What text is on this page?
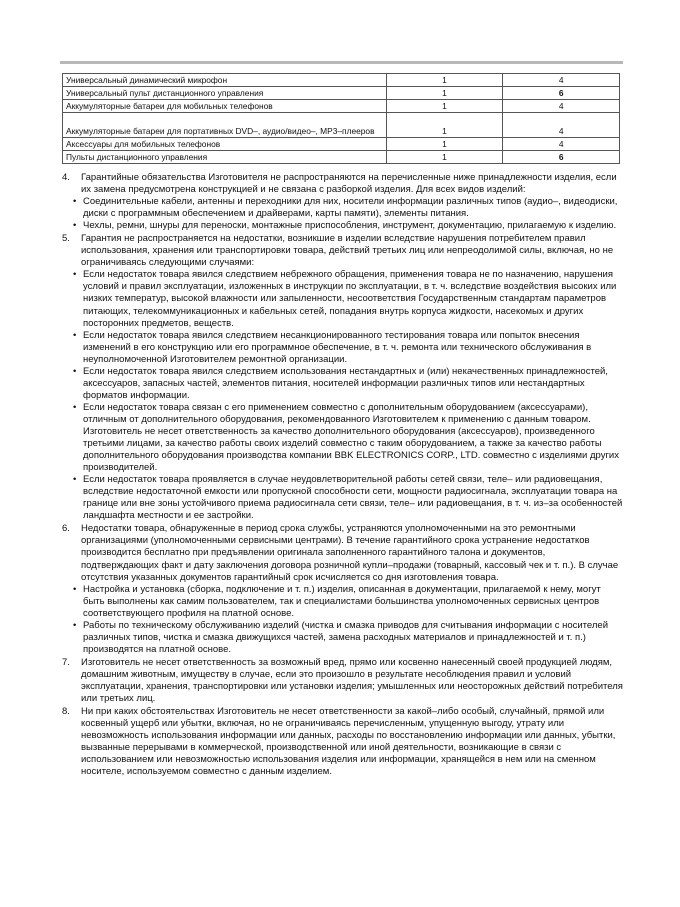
Универсальный динамический микрофон	1	4
Универсальный пульт дистанционного управления	1	6
Аккумуляторные батареи для мобильных телефонов	1	4
Аккумуляторные батареи для портативных DVD–, аудио/видео–, MP3–плееров	1	4
Аксессуары для мобильных телефонов	1	4
Пульты дистанционного управления	1	6
4.	Гарантийные обязательства Изготовителя не распространяются на перечисленные ниже принадлежности изделия, если их замена предусмотрена конструкцией и не связана с разборкой изделия. Для всех видов изделий:
• Соединительные кабели, антенны и переходники для них, носители информации различных типов (аудио–, видеодиски, диски с программным обеспечением и драйверами, карты памяти), элементы питания.
• Чехлы, ремни, шнуры для переноски, монтажные приспособления, инструмент, документацию, прилагаемую к изделию.
5.	Гарантия не распространяется на недостатки, возникшие в изделии вследствие нарушения потребителем правил использования, хранения или транспортировки товара, действий третьих лиц или непреодолимой силы, включая, но не ограничиваясь следующими случаями:
• Если недостаток товара явился следствием небрежного обращения, применения товара не по назначению, нарушения условий и правил эксплуатации, изложенных в инструкции по эксплуатации, в т. ч. вследствие воздействия высоких или низких температур, высокой влажности или запыленности, несоответствия Государственным стандартам параметров питающих, телекоммуникационных и кабельных сетей, попадания внутрь корпуса жидкости, насекомых и других посторонних предметов, веществ.
• Если недостаток товара явился следствием несанкционированного тестирования товара или попыток внесения изменений в его конструкцию или его программное обеспечение, в т. ч. ремонта или технического обслуживания в неуполномоченной Изготовителем ремонтной организации.
• Если недостаток товара явился следствием использования нестандартных и (или) некачественных принадлежностей, аксессуаров, запасных частей, элементов питания, носителей информации различных типов или нестандартных форматов информации.
• Если недостаток товара связан с его применением совместно с дополнительным оборудованием (аксессуарами), отличным от дополнительного оборудования, рекомендованного Изготовителем к применению с данным товаром. Изготовитель не несет ответственность за качество дополнительного оборудования (аксессуаров), произведенного третьими лицами, за качество работы своих изделий совместно с таким оборудованием, а также за качество работы дополнительного оборудования производства компании BBK ELECTRONICS CORP., LTD. совместно с изделиями других производителей.
• Если недостаток товара проявляется в случае неудовлетворительной работы сетей связи, теле– или радиовещания, вследствие недостаточной емкости или пропускной способности сети, мощности радиосигнала, эксплуатации товара на границе или вне зоны устойчивого приема радиосигнала сети связи, теле– или радиовещания, в т. ч. из–за особенностей ландшафта местности и ее застройки.
6.	Недостатки товара, обнаруженные в период срока службы, устраняются уполномоченными на это ремонтными организациями (уполномоченными сервисными центрами). В течение гарантийного срока устранение недостатков производится бесплатно при предъявлении оригинала заполненного гарантийного талона и документов, подтверждающих факт и дату заключения договора розничной купли–продажи (товарный, кассовый чек и т. п.). В случае отсутствия указанных документов гарантийный срок исчисляется со дня изготовления товара.
• Настройка и установка (сборка, подключение и т. п.) изделия, описанная в документации, прилагаемой к нему, могут быть выполнены как самим пользователем, так и специалистами большинства уполномоченных сервисных центров соответствующего профиля на платной основе.
• Работы по техническому обслуживанию изделий (чистка и смазка приводов для считывания информации с носителей различных типов, чистка и смазка движущихся частей, замена расходных материалов и принадлежностей и т. п.) производятся на платной основе.
7.	Изготовитель не несет ответственность за возможный вред, прямо или косвенно нанесенный своей продукцией людям, домашним животным, имуществу в случае, если это произошло в результате несоблюдения правил и условий эксплуатации, хранения, транспортировки или установки изделия; умышленных или неосторожных действий потребителя или третьих лиц.
8.	Ни при каких обстоятельствах Изготовитель не несет ответственности за какой–либо особый, случайный, прямой или косвенный ущерб или убытки, включая, но не ограничиваясь перечисленным, упущенную выгоду, утрату или невозможность использования информации или данных, расходы по восстановлению информации или данных, убытки, вызванные перерывами в коммерческой, производственной или иной деятельности, возникающие в связи с использованием или невозможностью использования изделия или информации, хранящейся в нем или на сменном носителе, используемом совместно с данным изделием.
